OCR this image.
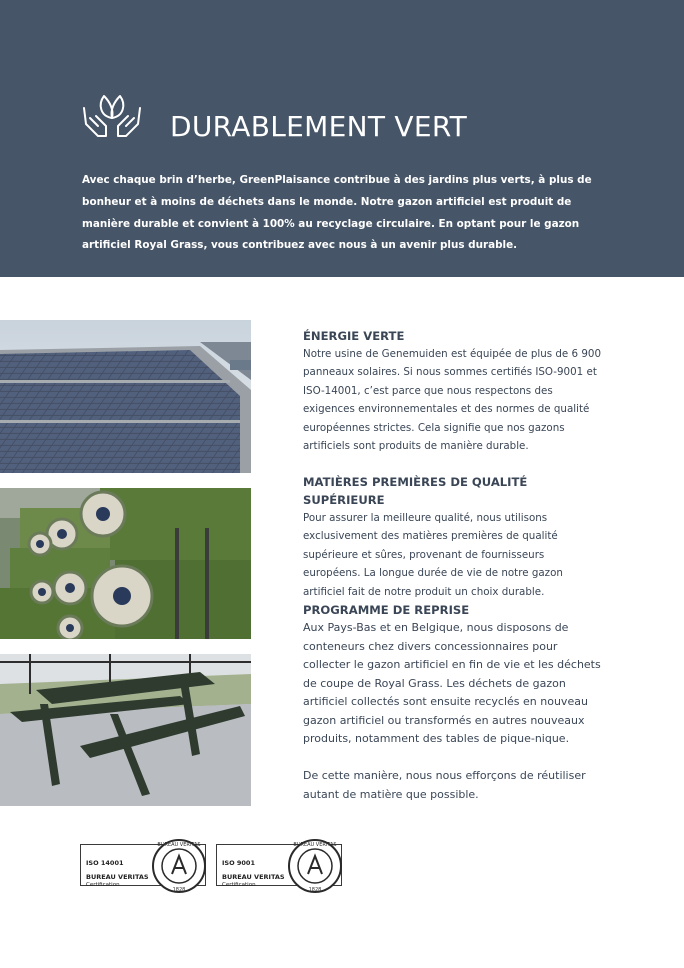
DURABLEMENT VERT

Avec chaque brin d’herbe, GreenPlaisance contribue à des jardins plus verts, à plus de bonheur et à moins de déchets dans le monde. Notre gazon artificiel est produit de manière durable et convient à 100% au recyclage circulaire. En optant pour le gazon artificiel Royal Grass, vous contribuez avec nous à un avenir plus durable.

ÉNERGIE VERTE

Notre usine de Genemuiden est équipée de plus de 6 900 panneaux solaires. Si nous sommes certifiés ISO-9001 et ISO-14001, c’est parce que nous respectons des exigences environnementales et des normes de qualité européennes strictes. Cela signifie que nos gazons artificiels sont produits de manière durable.

MATIÈRES PREMIÈRES DE QUALITÉ SUPÉRIEURE

Pour assurer la meilleure qualité, nous utilisons exclusivement des matières premières de qualité supérieure et sûres, provenant de fournisseurs européens. La longue durée de vie de notre gazon artificiel fait de notre produit un choix durable.

PROGRAMME DE REPRISE

Aux Pays-Bas et en Belgique, nous disposons de conteneurs chez divers concessionnaires pour collecter le gazon artificiel en fin de vie et les déchets de coupe de Royal Grass. Les déchets de gazon artificiel collectés sont ensuite recyclés en nouveau gazon artificiel ou transformés en autres nouveaux produits, notamment des tables de pique-nique.

De cette manière, nous nous efforçons de réutiliser autant de matière que possible.

ISO 14001
BUREAU VERITAS
Certification
BUREAU VERITAS
1828
ISO 9001
BUREAU VERITAS
Certification
BUREAU VERITAS
1828
